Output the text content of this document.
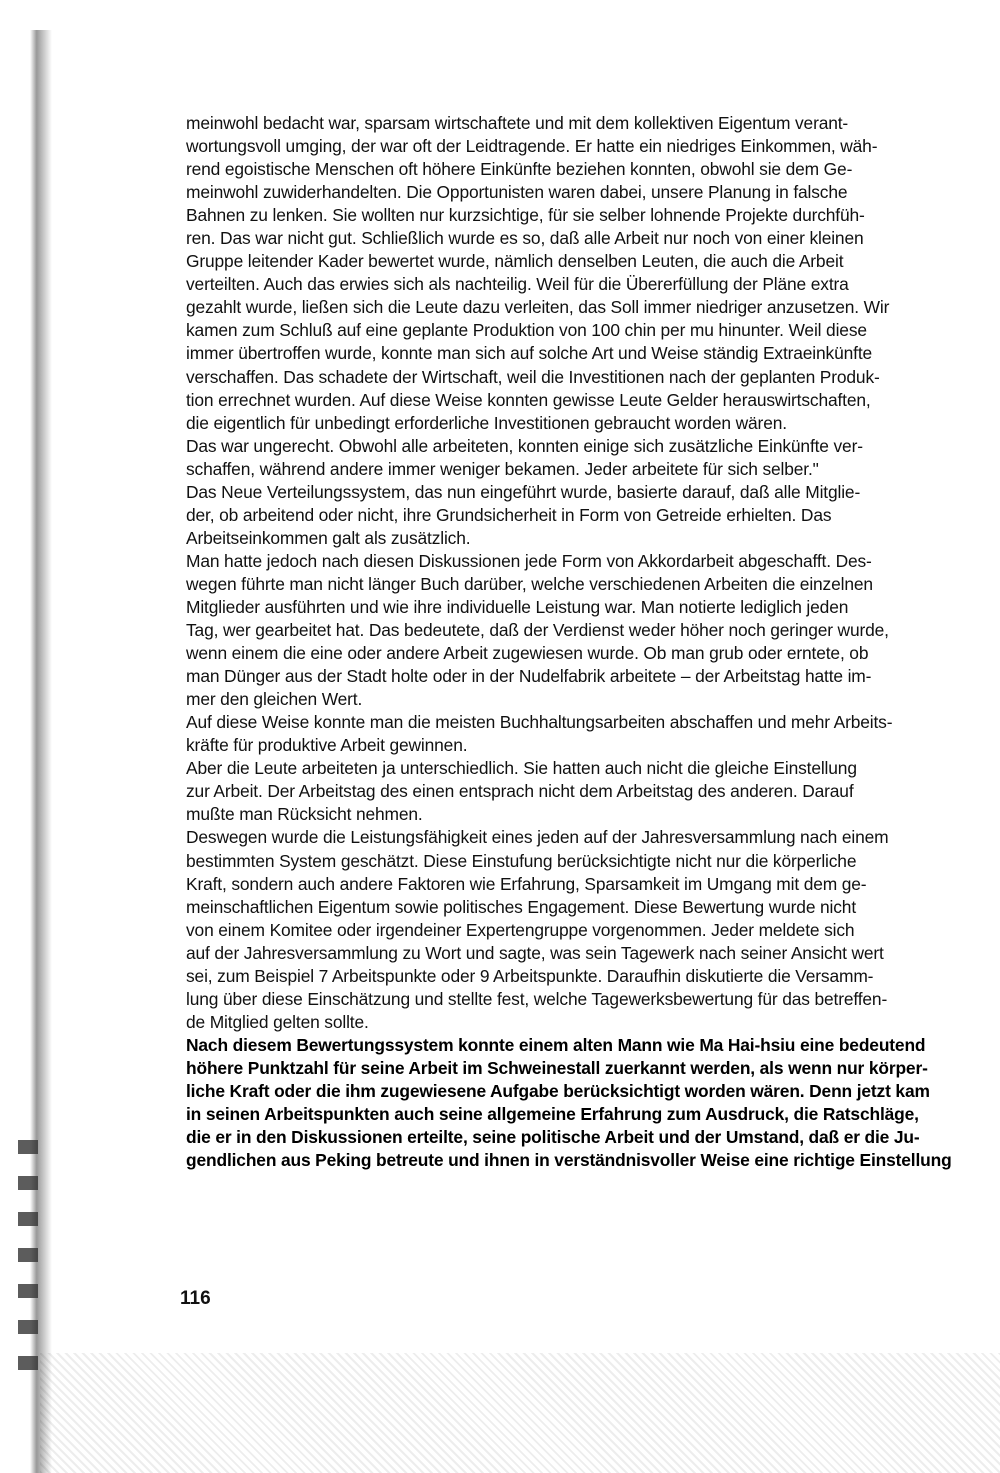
meinwohl bedacht war, sparsam wirtschaftete und mit dem kollektiven Eigentum verant-
wortungsvoll umging, der war oft der Leidtragende. Er hatte ein niedriges Einkommen, wäh-
rend egoistische Menschen oft höhere Einkünfte beziehen konnten, obwohl sie dem Ge-
meinwohl zuwiderhandelten. Die Opportunisten waren dabei, unsere Planung in falsche
Bahnen zu lenken. Sie wollten nur kurzsichtige, für sie selber lohnende Projekte durchfüh-
ren. Das war nicht gut. Schließlich wurde es so, daß alle Arbeit nur noch von einer kleinen
Gruppe leitender Kader bewertet wurde, nämlich denselben Leuten, die auch die Arbeit
verteilten. Auch das erwies sich als nachteilig. Weil für die Übererfüllung der Pläne extra
gezahlt wurde, ließen sich die Leute dazu verleiten, das Soll immer niedriger anzusetzen. Wir
kamen zum Schluß auf eine geplante Produktion von 100 chin per mu hinunter. Weil diese
immer übertroffen wurde, konnte man sich auf solche Art und Weise ständig Extraeinkünfte
verschaffen. Das schadete der Wirtschaft, weil die Investitionen nach der geplanten Produk-
tion errechnet wurden. Auf diese Weise konnten gewisse Leute Gelder herauswirtschaften,
die eigentlich für unbedingt erforderliche Investitionen gebraucht worden wären.
Das war ungerecht. Obwohl alle arbeiteten, konnten einige sich zusätzliche Einkünfte ver-
schaffen, während andere immer weniger bekamen. Jeder arbeitete für sich selber."
Das Neue Verteilungssystem, das nun eingeführt wurde, basierte darauf, daß alle Mitglie-
der, ob arbeitend oder nicht, ihre Grundsicherheit in Form von Getreide erhielten. Das
Arbeitseinkommen galt als zusätzlich.
Man hatte jedoch nach diesen Diskussionen jede Form von Akkordarbeit abgeschafft. Des-
wegen führte man nicht länger Buch darüber, welche verschiedenen Arbeiten die einzelnen
Mitglieder ausführten und wie ihre individuelle Leistung war. Man notierte lediglich jeden
Tag, wer gearbeitet hat. Das bedeutete, daß der Verdienst weder höher noch geringer wurde,
wenn einem die eine oder andere Arbeit zugewiesen wurde. Ob man grub oder erntete, ob
man Dünger aus der Stadt holte oder in der Nudelfabrik arbeitete – der Arbeitstag hatte im-
mer den gleichen Wert.
Auf diese Weise konnte man die meisten Buchhaltungsarbeiten abschaffen und mehr Arbeits-
kräfte für produktive Arbeit gewinnen.
Aber die Leute arbeiteten ja unterschiedlich. Sie hatten auch nicht die gleiche Einstellung
zur Arbeit. Der Arbeitstag des einen entsprach nicht dem Arbeitstag des anderen. Darauf
mußte man Rücksicht nehmen.
Deswegen wurde die Leistungsfähigkeit eines jeden auf der Jahresversammlung nach einem
bestimmten System geschätzt. Diese Einstufung berücksichtigte nicht nur die körperliche
Kraft, sondern auch andere Faktoren wie Erfahrung, Sparsamkeit im Umgang mit dem ge-
meinschaftlichen Eigentum sowie politisches Engagement. Diese Bewertung wurde nicht
von einem Komitee oder irgendeiner Expertengruppe vorgenommen. Jeder meldete sich
auf der Jahresversammlung zu Wort und sagte, was sein Tagewerk nach seiner Ansicht wert
sei, zum Beispiel 7 Arbeitspunkte oder 9 Arbeitspunkte. Daraufhin diskutierte die Versamm-
lung über diese Einschätzung und stellte fest, welche Tagewerksbewertung für das betreffen-
de Mitglied gelten sollte.
Nach diesem Bewertungssystem konnte einem alten Mann wie Ma Hai-hsiu eine bedeutend
höhere Punktzahl für seine Arbeit im Schweinestall zuerkannt werden, als wenn nur körper-
liche Kraft oder die ihm zugewiesene Aufgabe berücksichtigt worden wären. Denn jetzt kam
in seinen Arbeitspunkten auch seine allgemeine Erfahrung zum Ausdruck, die Ratschläge,
die er in den Diskussionen erteilte, seine politische Arbeit und der Umstand, daß er die Ju-
gendlichen aus Peking betreute und ihnen in verständnisvoller Weise eine richtige Einstellung
116
